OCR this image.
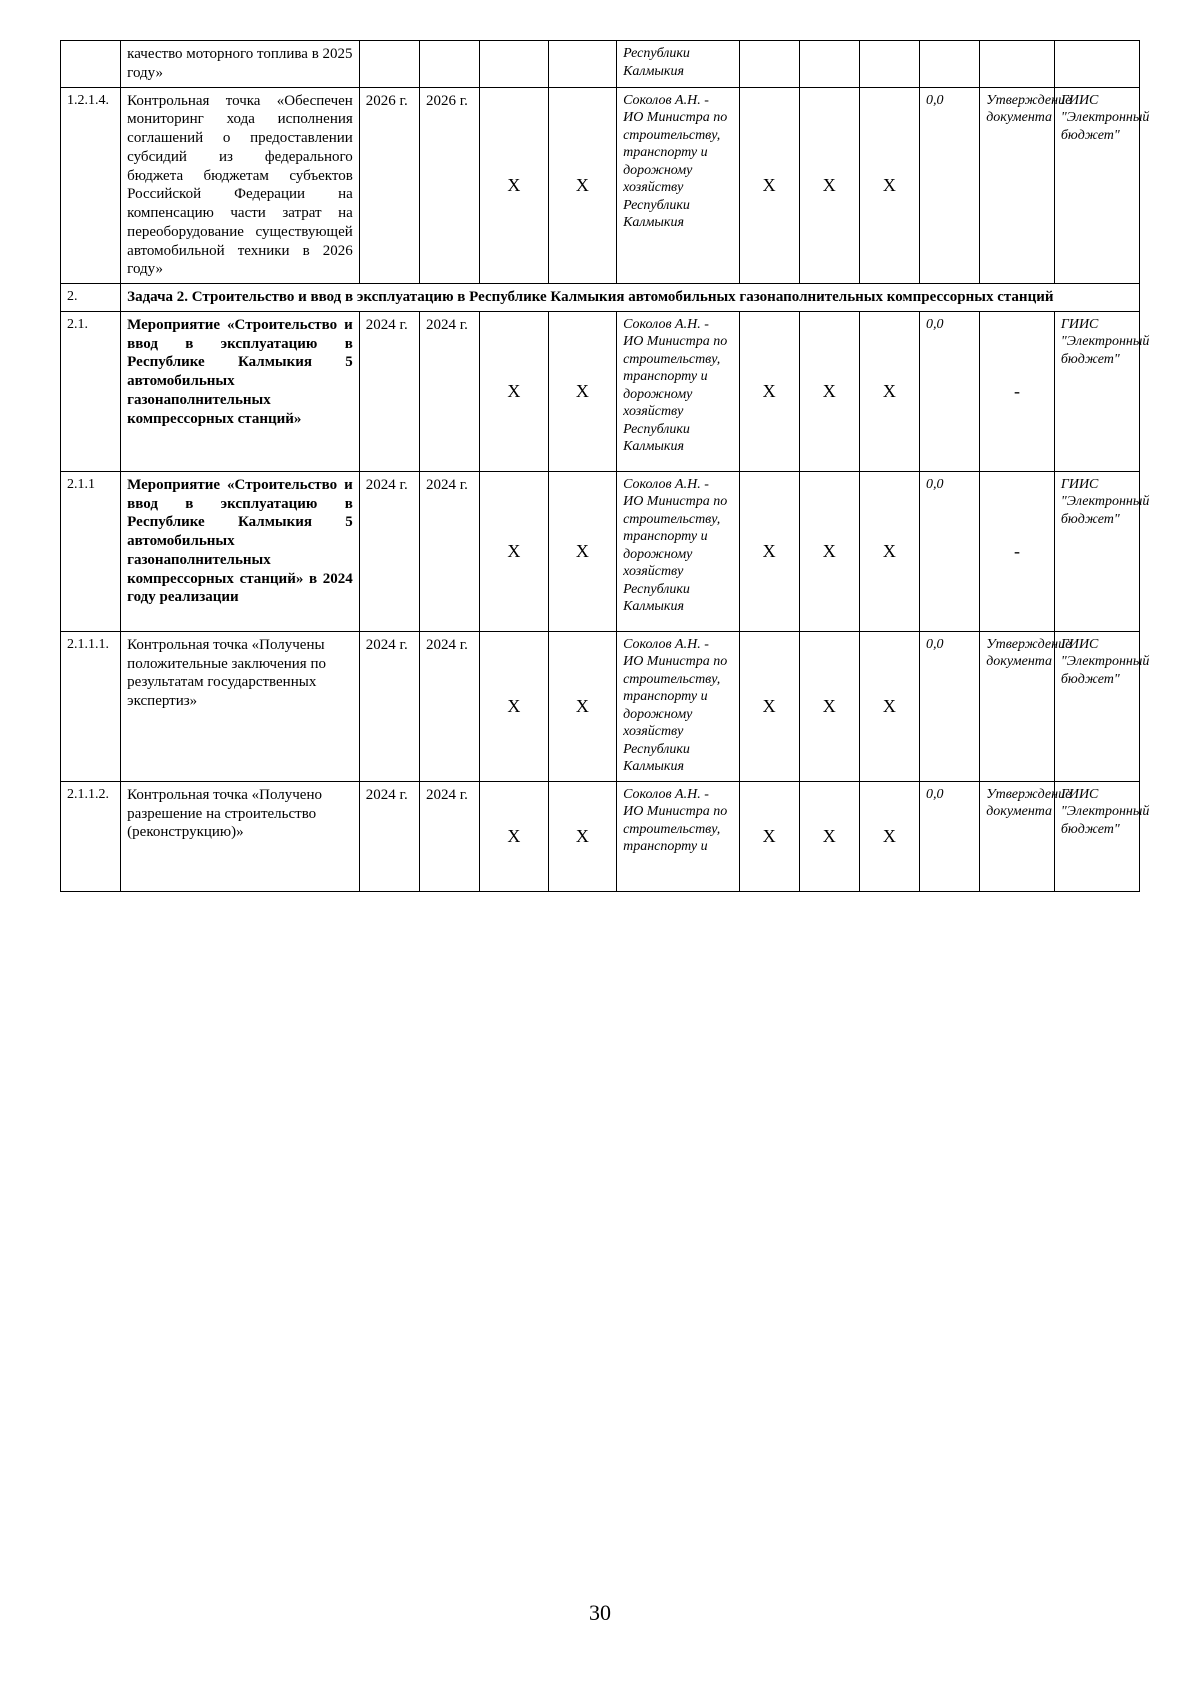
	качество моторного топлива в 2025 году»					Республики Калмыкия						
1.2.1.4.	Контрольная точка «Обеспечен мониторинг хода исполнения соглашений о предоставлении субсидий из федерального бюджета бюджетам субъектов Российской Федерации на компенсацию части затрат на переоборудование существующей автомобильной техники в 2026 году»	2026 г.	2026 г.	X	X	Соколов А.Н. - ИО Министра по строительству, транспорту и дорожному хозяйству Республики Калмыкия	X	X	X	0,0	Утверждение документа	ГИИС "Электронный бюджет"
2.	Задача 2. Строительство и ввод в эксплуатацию в Республике Калмыкия автомобильных газонаполнительных компрессорных станций											
2.1.	Мероприятие «Строительство и ввод в эксплуатацию в Республике Калмыкия 5 автомобильных газонаполнительных компрессорных станций»	2024 г.	2024 г.	X	X	Соколов А.Н. - ИО Министра по строительству, транспорту и дорожному хозяйству Республики Калмыкия	X	X	X	0,0	-	ГИИС "Электронный бюджет"
2.1.1	Мероприятие «Строительство и ввод в эксплуатацию в Республике Калмыкия 5 автомобильных газонаполнительных компрессорных станций» в 2024 году реализации	2024 г.	2024 г.	X	X	Соколов А.Н. - ИО Министра по строительству, транспорту и дорожному хозяйству Республики Калмыкия	X	X	X	0,0	-	ГИИС "Электронный бюджет"
2.1.1.1.	Контрольная точка «Получены положительные заключения по результатам государственных экспертиз»	2024 г.	2024 г.	X	X	Соколов А.Н. - ИО Министра по строительству, транспорту и дорожному хозяйству Республики Калмыкия	X	X	X	0,0	Утверждение документа	ГИИС "Электронный бюджет"
2.1.1.2.	Контрольная точка «Получено разрешение на строительство (реконструкцию)»	2024 г.	2024 г.	X	X	Соколов А.Н. - ИО Министра по строительству, транспорту и	X	X	X	0,0	Утверждение документа	ГИИС "Электронный бюджет"
30
